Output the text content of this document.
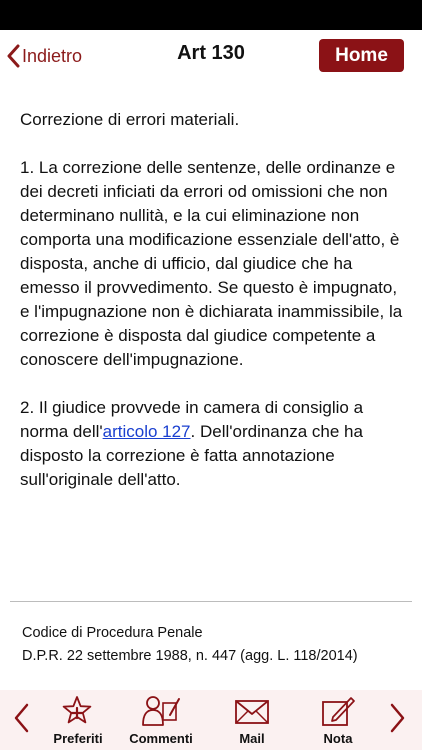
Indietro	Art 130	Home

Correzione di errori materiali.

1. La correzione delle sentenze, delle ordinanze e dei decreti inficiati da errori od omissioni che non determinano nullità, e la cui eliminazione non comporta una modificazione essenziale dell'atto, è disposta, anche di ufficio, dal giudice che ha emesso il provvedimento. Se questo è impugnato, e l'impugnazione non è dichiarata inammissibile, la correzione è disposta dal giudice competente a conoscere dell'impugnazione.

2. Il giudice provvede in camera di consiglio a norma dell'articolo 127. Dell'ordinanza che ha disposto la correzione è fatta annotazione sull'originale dell'atto.

Codice di Procedura Penale
D.P.R. 22 settembre 1988, n. 447 (agg. L. 118/2014)
Preferiti Commenti	Mail	Nota
